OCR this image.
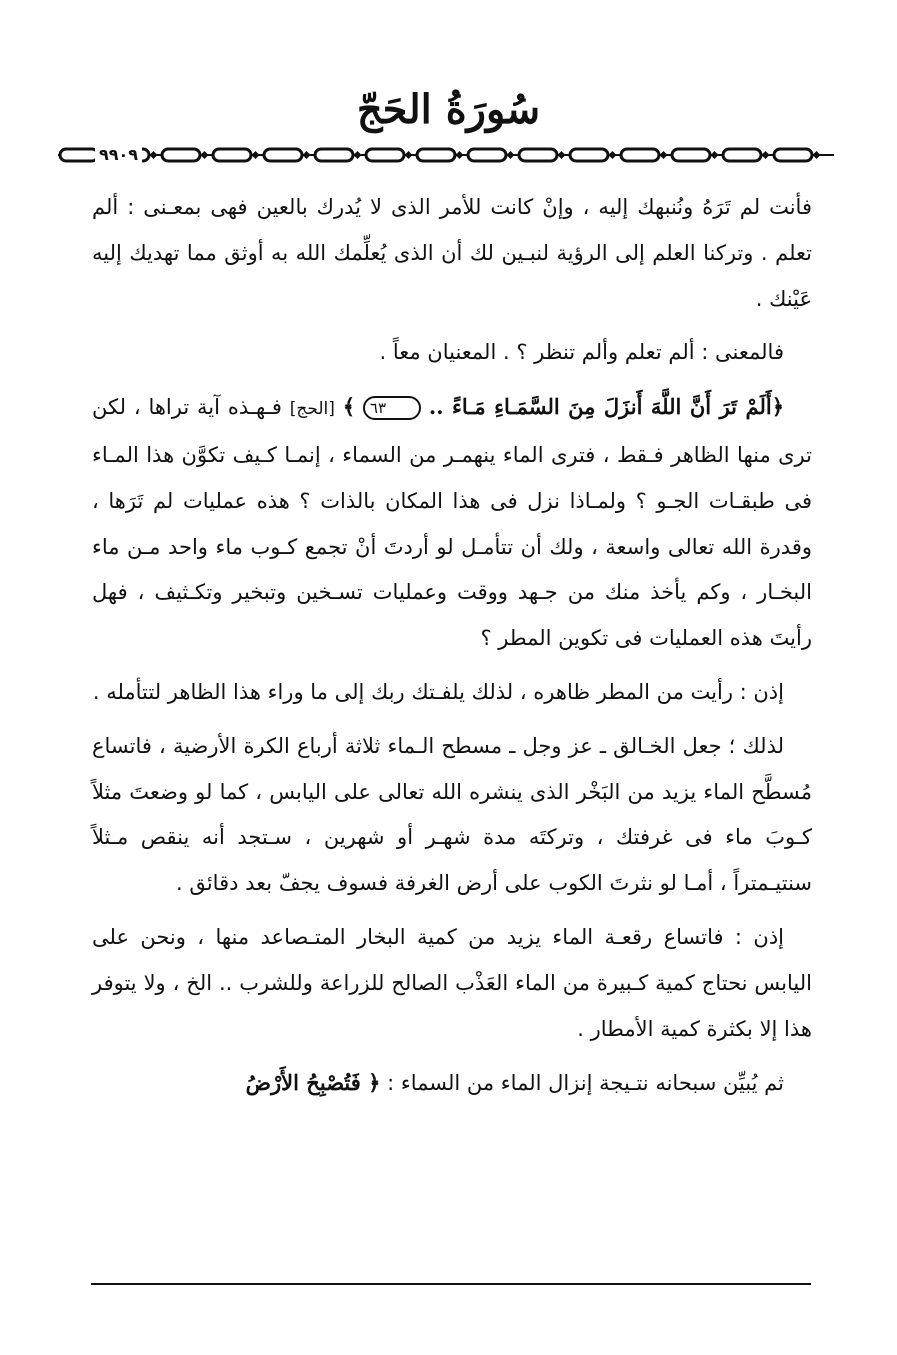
سُورَةُ الحَجّ
٩٩٠٩

فأنت لم تَرَهُ ونُنبهك إليه ، وإنْ كانت للأمر الذى لا يُدرك بالعين فهى بمعـنى : ألم تعلم . وتركنا العلم إلى الرؤية لنبـين لك أن الذى يُعلِّمك الله به أوثق مما تهديك إليه عَيْنك .

فالمعنى : ألم تعلم وألم تنظر ؟ . المعنيان معاً .

﴿أَلَمْ تَرَ أَنَّ اللَّهَ أَنزَلَ مِنَ السَّمَـاءِ مَـاءً .. ٦٣ ﴾ [الحج] فـهـذه آية تراها ، لكن ترى منها الظاهر فـقط ، فترى الماء ينهمـر من السماء ، إنمـا كـيف تكوَّن هذا المـاء فى طبقـات الجـو ؟ ولمـاذا نزل فى هذا المكان بالذات ؟ هذه عمليات لم تَرَها ، وقدرة الله تعالى واسعة ، ولك أن تتأمـل لو أردتَ أنْ تجمع كـوب ماء واحد مـن ماء البخـار ، وكم يأخذ منك من جـهد ووقت وعمليات تسـخين وتبخير وتكـثيف ، فهل رأيتَ هذه العمليات فى تكوين المطر ؟

إذن : رأيت من المطر ظاهره ، لذلك يلفـتك ربك إلى ما وراء هذا الظاهر لتتأمله .

لذلك ؛ جعل الخـالق ـ عز وجل ـ مسطح الـماء ثلاثة أرباع الكرة الأرضية ، فاتساع مُسطَّح الماء يزيد من البَخْر الذى ينشره الله تعالى على اليابس ، كما لو وضعتَ مثلاً كـوبَ ماء فى غرفتك ، وتركتَه مدة شهـر أو شهرين ، سـتجد أنه ينقص مـثلاً سنتيـمتراً ، أمـا لو نثرتَ الكوب على أرض الغرفة فسوف يجفّ بعد دقائق .

إذن : فاتساع رقعـة الماء يزيد من كمية البخار المتـصاعد منها ، ونحن على اليابس نحتاج كمية كـبيرة من الماء العَذْب الصالح للزراعة وللشرب .. الخ ، ولا يتوفر هذا إلا بكثرة كمية الأمطار .

ثم يُبيِّن سبحانه نتـيجة إنزال الماء من السماء : ﴿ فَتُصْبِحُ الأَرْضُ
